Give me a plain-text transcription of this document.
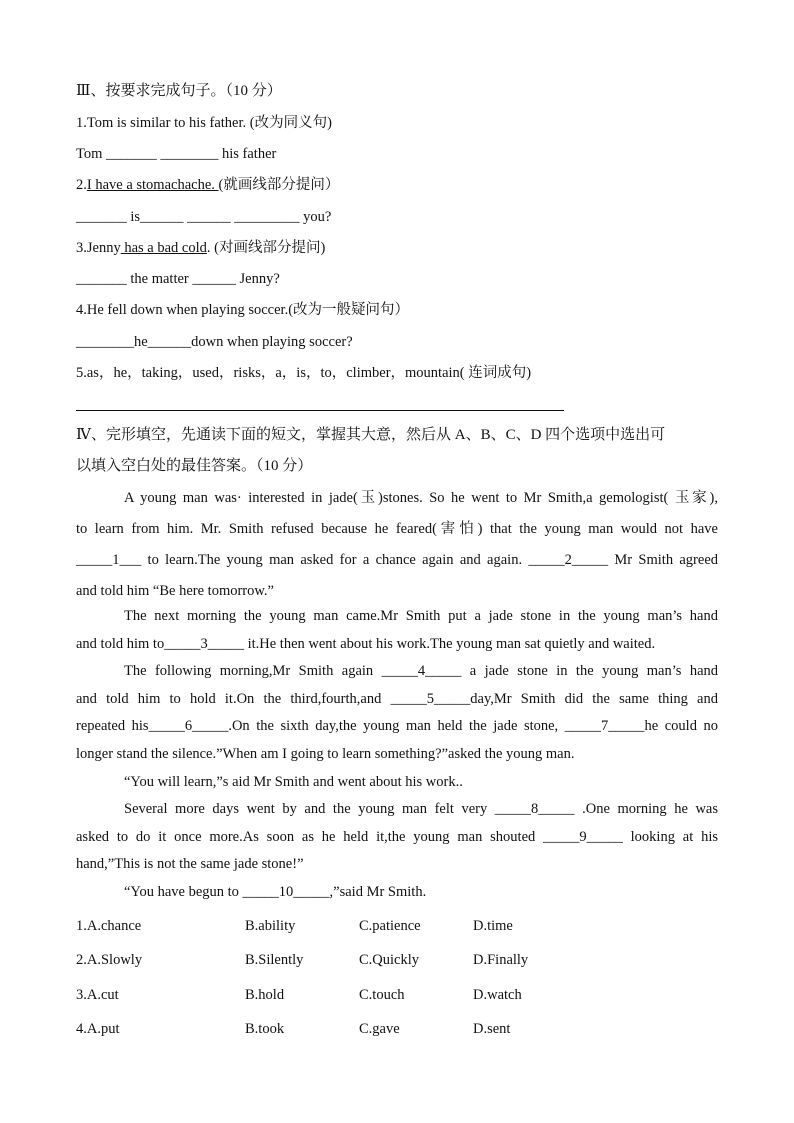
Ⅲ、按要求完成句子。（10 分）
1.Tom is similar to his father. (改为同义句)
Tom _______ ________ his father
2.I have a stomachache. (就画线部分提问）
_______ is______ ______ _________ you?
3.Jenny has a bad cold. (对画线部分提问)
_______ the matter ______ Jenny?
4.He fell down when playing soccer.(改为一般疑问句）
________he______down when playing soccer?
5.as，he，taking，used，risks，a，is，to，climber，mountain( 连词成句)
Ⅳ、完形填空，先通读下面的短文，掌握其大意，然后从 A、B、C、D 四个选项中选出可
以填入空白处的最佳答案。（10 分）
A young man was· interested in jade(玉)stones. So he went to Mr Smith,a gemologist( 玉家),
to learn from him. Mr. Smith refused because he feared(害怕) that the young man would not have
_____1___ to learn.The young man asked for a chance again and again. _____2_____ Mr Smith agreed
and told him “Be here tomorrow.”
The next morning the young man came.Mr Smith put a jade stone in the young man’s hand
and told him to_____3_____ it.He then went about his work.The young man sat quietly and waited.
The following morning,Mr Smith again _____4_____ a jade stone in the young man’s hand
and told him to hold it.On the third,fourth,and _____5_____day,Mr Smith did the same thing and
repeated his_____6_____.On the sixth day,the young man held the jade stone, _____7_____he could no
longer stand the silence.”When am I going to learn something?”asked the young man.
“You will learn,”s aid Mr Smith and went about his work..
Several more days went by and the young man felt very _____8_____ .One morning he was
asked to do it once more.As soon as he held it,the young man shouted _____9_____ looking at his
hand,”This is not the same jade stone!”
“You have begun to _____10_____,”said Mr Smith.
1.A.chance	B.ability	C.patience	D.time
2.A.Slowly	B.Silently	C.Quickly	D.Finally
3.A.cut	B.hold	C.touch	D.watch
4.A.put	B.took	C.gave	D.sent
